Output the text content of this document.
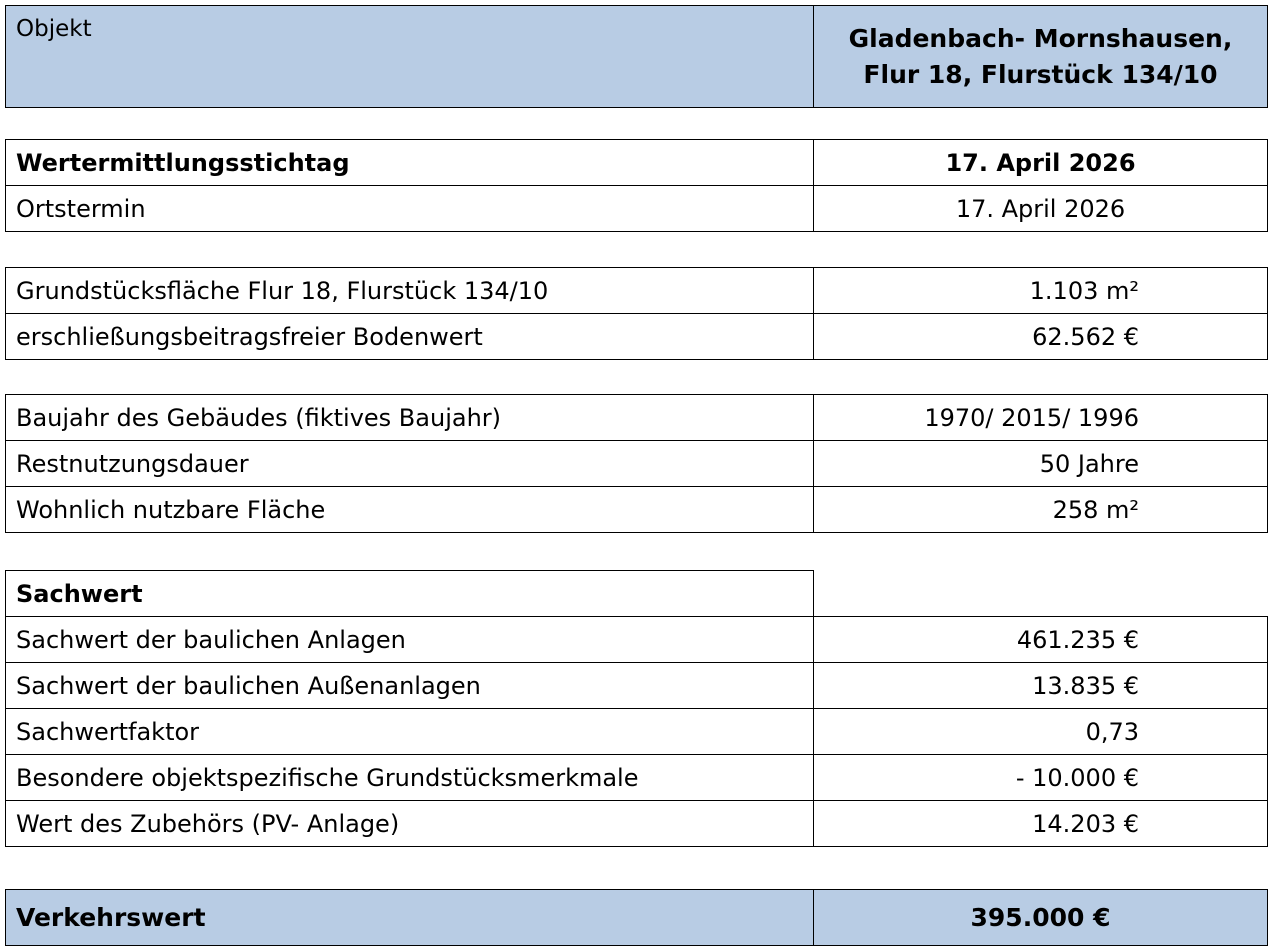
Objekt	Gladenbach- Mornshausen,
Flur 18, Flurstück 134/10
Wertermittlungsstichtag	17. April 2026
Ortstermin	17. April 2026
Grundstücksfläche Flur 18, Flurstück 134/10	1.103 m²
erschließungsbeitragsfreier Bodenwert	62.562 €
Baujahr des Gebäudes (fiktives Baujahr)	1970/ 2015/ 1996
Restnutzungsdauer	50 Jahre
Wohnlich nutzbare Fläche	258 m²
Sachwert	
Sachwert der baulichen Anlagen	461.235 €
Sachwert der baulichen Außenanlagen	13.835 €
Sachwertfaktor	0,73
Besondere objektspezifische Grundstücksmerkmale	- 10.000 €
Wert des Zubehörs (PV- Anlage)	14.203 €
Verkehrswert	395.000 €
